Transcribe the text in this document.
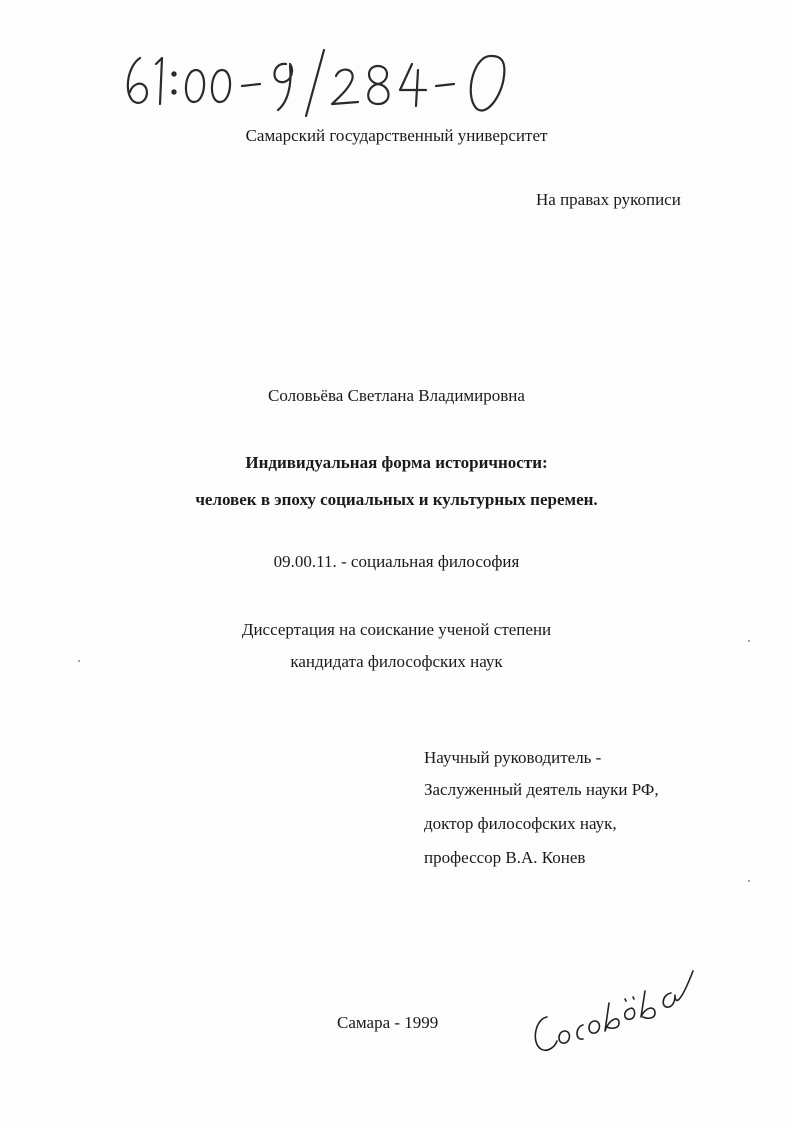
Самарский государственный университет
На правах рукописи
Соловьёва Светлана Владимировна
Индивидуальная форма историчности:
человек в эпоху социальных и культурных перемен.
09.00.11. - социальная философия
Диссертация на соискание ученой степени
кандидата философских наук
Научный руководитель -
Заслуженный деятель науки РФ,
доктор философских наук,
профессор В.А. Конев
Самара - 1999
